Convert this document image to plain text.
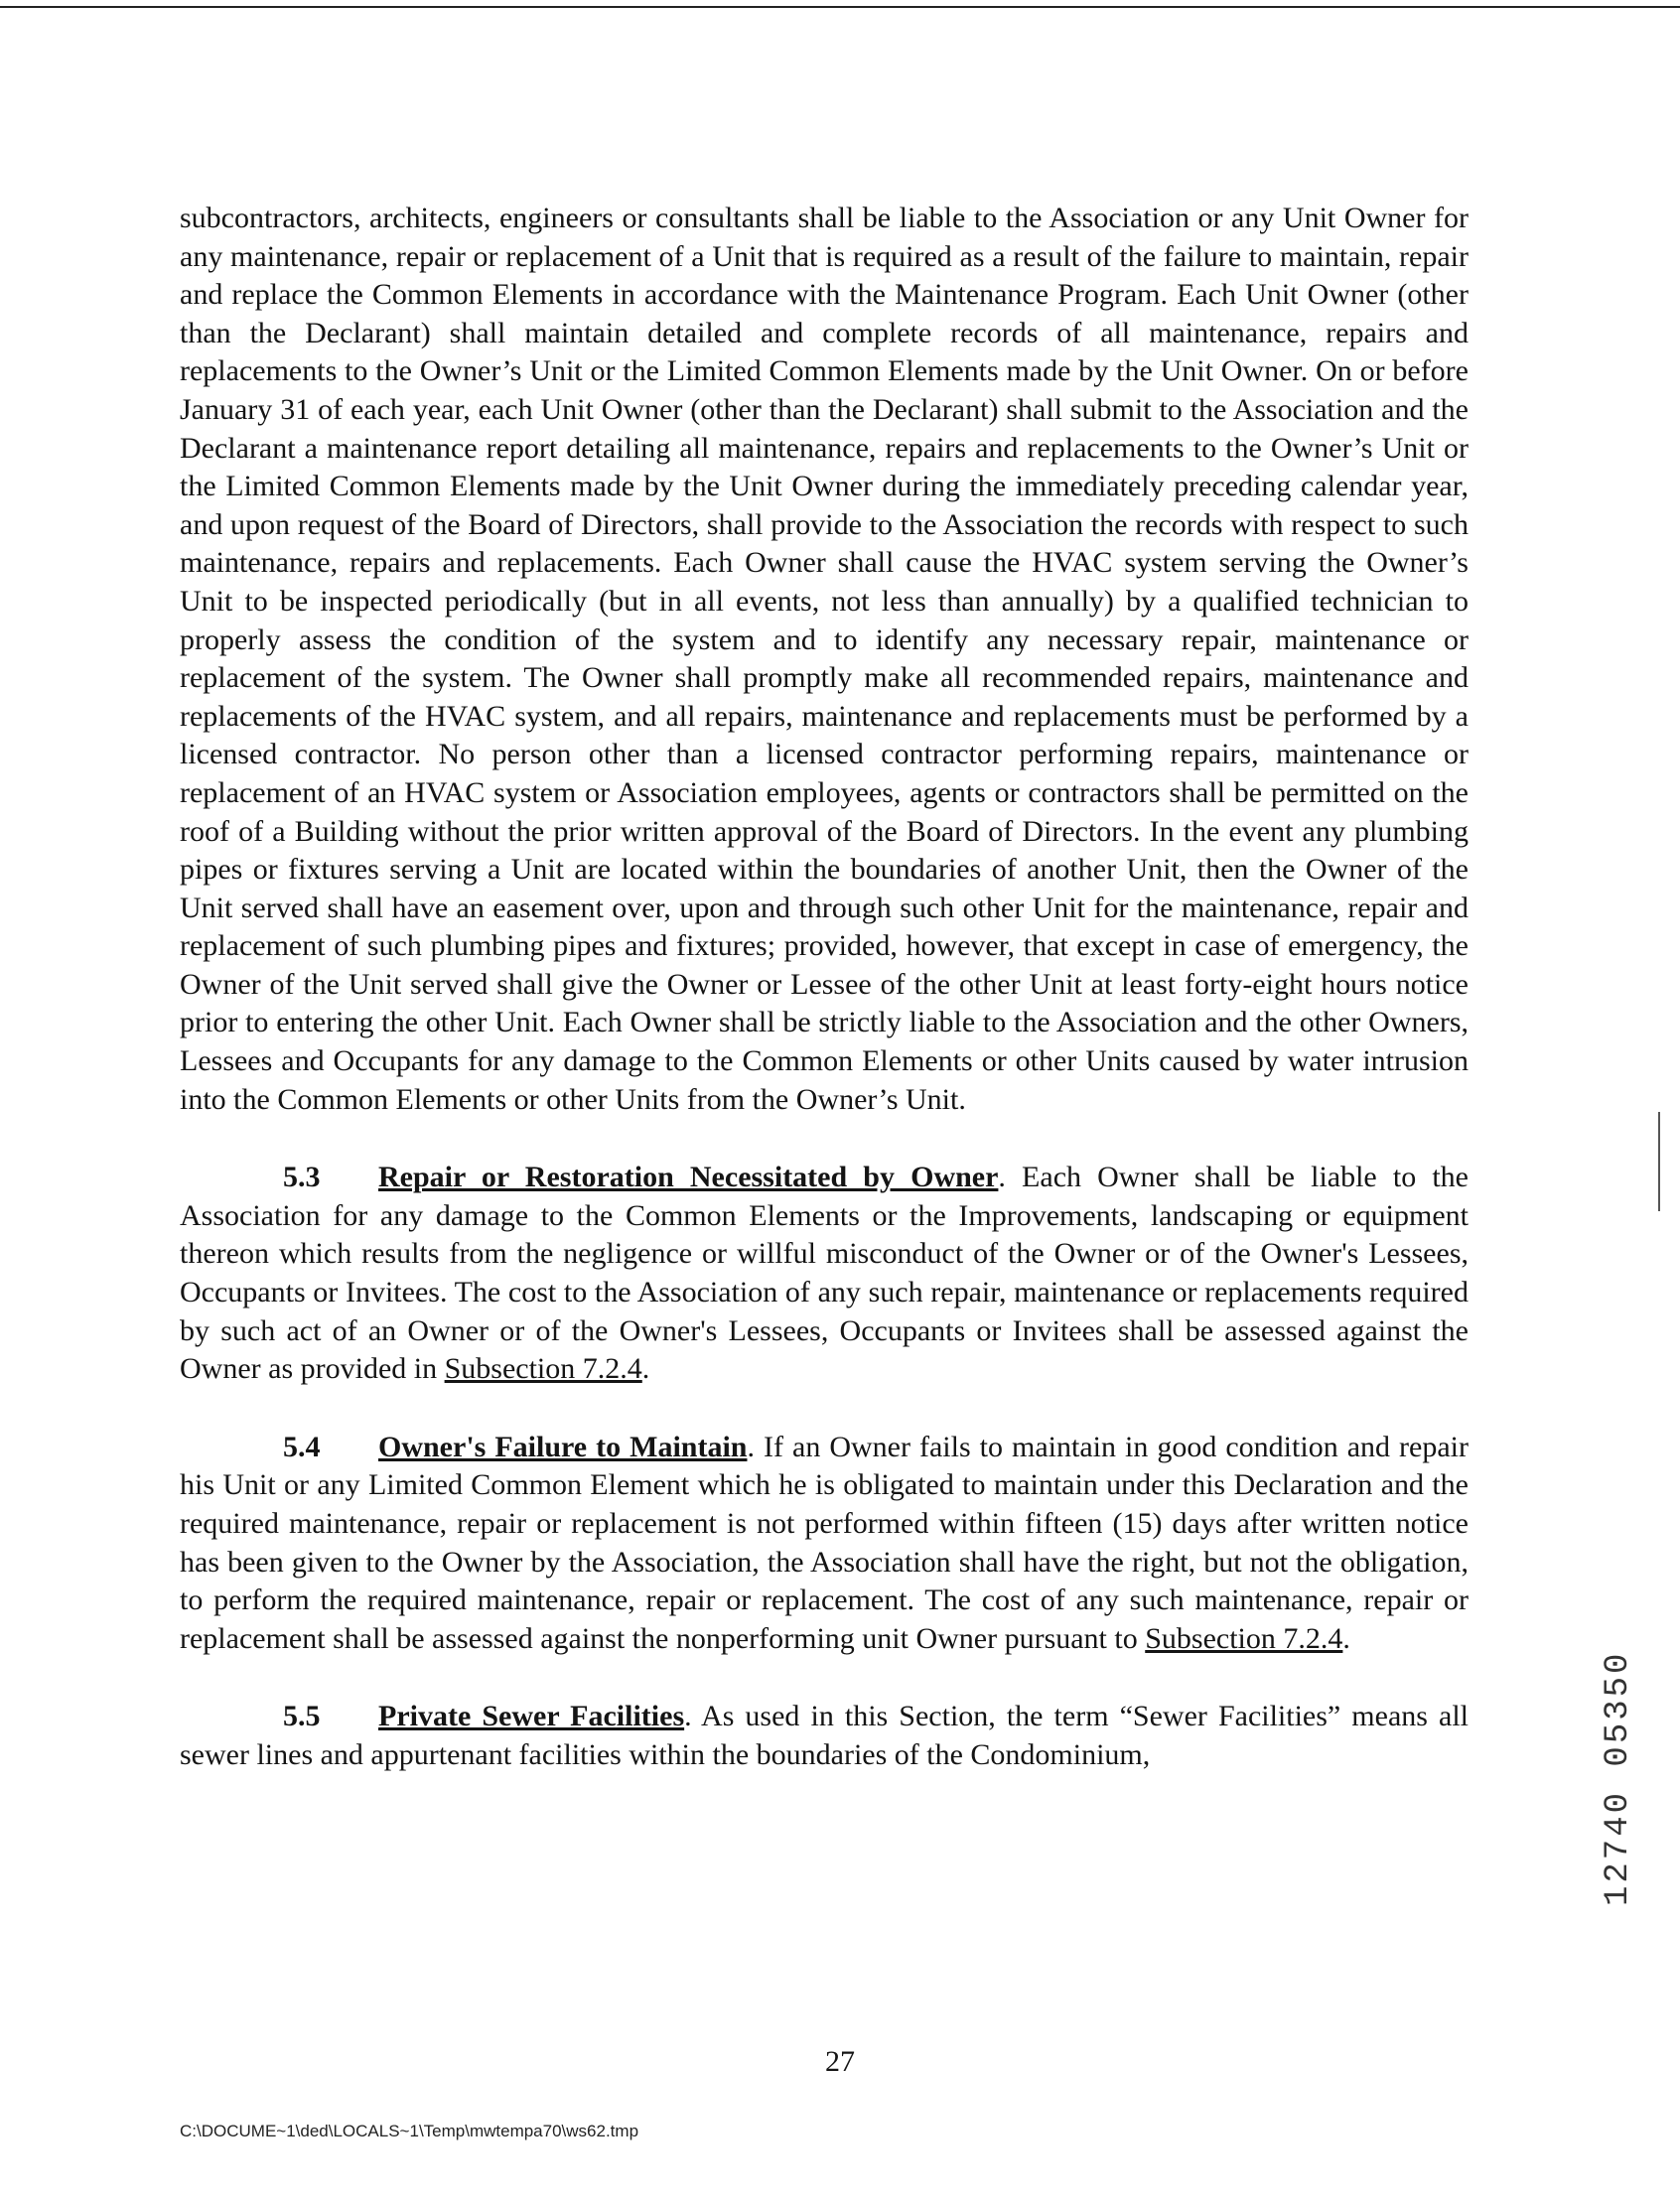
subcontractors, architects, engineers or consultants shall be liable to the Association or any Unit Owner for any maintenance, repair or replacement of a Unit that is required as a result of the failure to maintain, repair and replace the Common Elements in accordance with the Maintenance Program. Each Unit Owner (other than the Declarant) shall maintain detailed and complete records of all maintenance, repairs and replacements to the Owner’s Unit or the Limited Common Elements made by the Unit Owner. On or before January 31 of each year, each Unit Owner (other than the Declarant) shall submit to the Association and the Declarant a maintenance report detailing all maintenance, repairs and replacements to the Owner’s Unit or the Limited Common Elements made by the Unit Owner during the immediately preceding calendar year, and upon request of the Board of Directors, shall provide to the Association the records with respect to such maintenance, repairs and replacements. Each Owner shall cause the HVAC system serving the Owner’s Unit to be inspected periodically (but in all events, not less than annually) by a qualified technician to properly assess the condition of the system and to identify any necessary repair, maintenance or replacement of the system. The Owner shall promptly make all recommended repairs, maintenance and replacements of the HVAC system, and all repairs, maintenance and replacements must be performed by a licensed contractor. No person other than a licensed contractor performing repairs, maintenance or replacement of an HVAC system or Association employees, agents or contractors shall be permitted on the roof of a Building without the prior written approval of the Board of Directors. In the event any plumbing pipes or fixtures serving a Unit are located within the boundaries of another Unit, then the Owner of the Unit served shall have an easement over, upon and through such other Unit for the maintenance, repair and replacement of such plumbing pipes and fixtures; provided, however, that except in case of emergency, the Owner of the Unit served shall give the Owner or Lessee of the other Unit at least forty-eight hours notice prior to entering the other Unit. Each Owner shall be strictly liable to the Association and the other Owners, Lessees and Occupants for any damage to the Common Elements or other Units caused by water intrusion into the Common Elements or other Units from the Owner’s Unit.

5.3 Repair or Restoration Necessitated by Owner. Each Owner shall be liable to the Association for any damage to the Common Elements or the Improvements, landscaping or equipment thereon which results from the negligence or willful misconduct of the Owner or of the Owner's Lessees, Occupants or Invitees. The cost to the Association of any such repair, maintenance or replacements required by such act of an Owner or of the Owner's Lessees, Occupants or Invitees shall be assessed against the Owner as provided in Subsection 7.2.4.

5.4 Owner's Failure to Maintain. If an Owner fails to maintain in good condition and repair his Unit or any Limited Common Element which he is obligated to maintain under this Declaration and the required maintenance, repair or replacement is not performed within fifteen (15) days after written notice has been given to the Owner by the Association, the Association shall have the right, but not the obligation, to perform the required maintenance, repair or replacement. The cost of any such maintenance, repair or replacement shall be assessed against the nonperforming unit Owner pursuant to Subsection 7.2.4.

5.5 Private Sewer Facilities. As used in this Section, the term “Sewer Facilities” means all sewer lines and appurtenant facilities within the boundaries of the Condominium,

27
C:\DOCUME~1\ded\LOCALS~1\Temp\mwtempa70\ws62.tmp
12740 05350
